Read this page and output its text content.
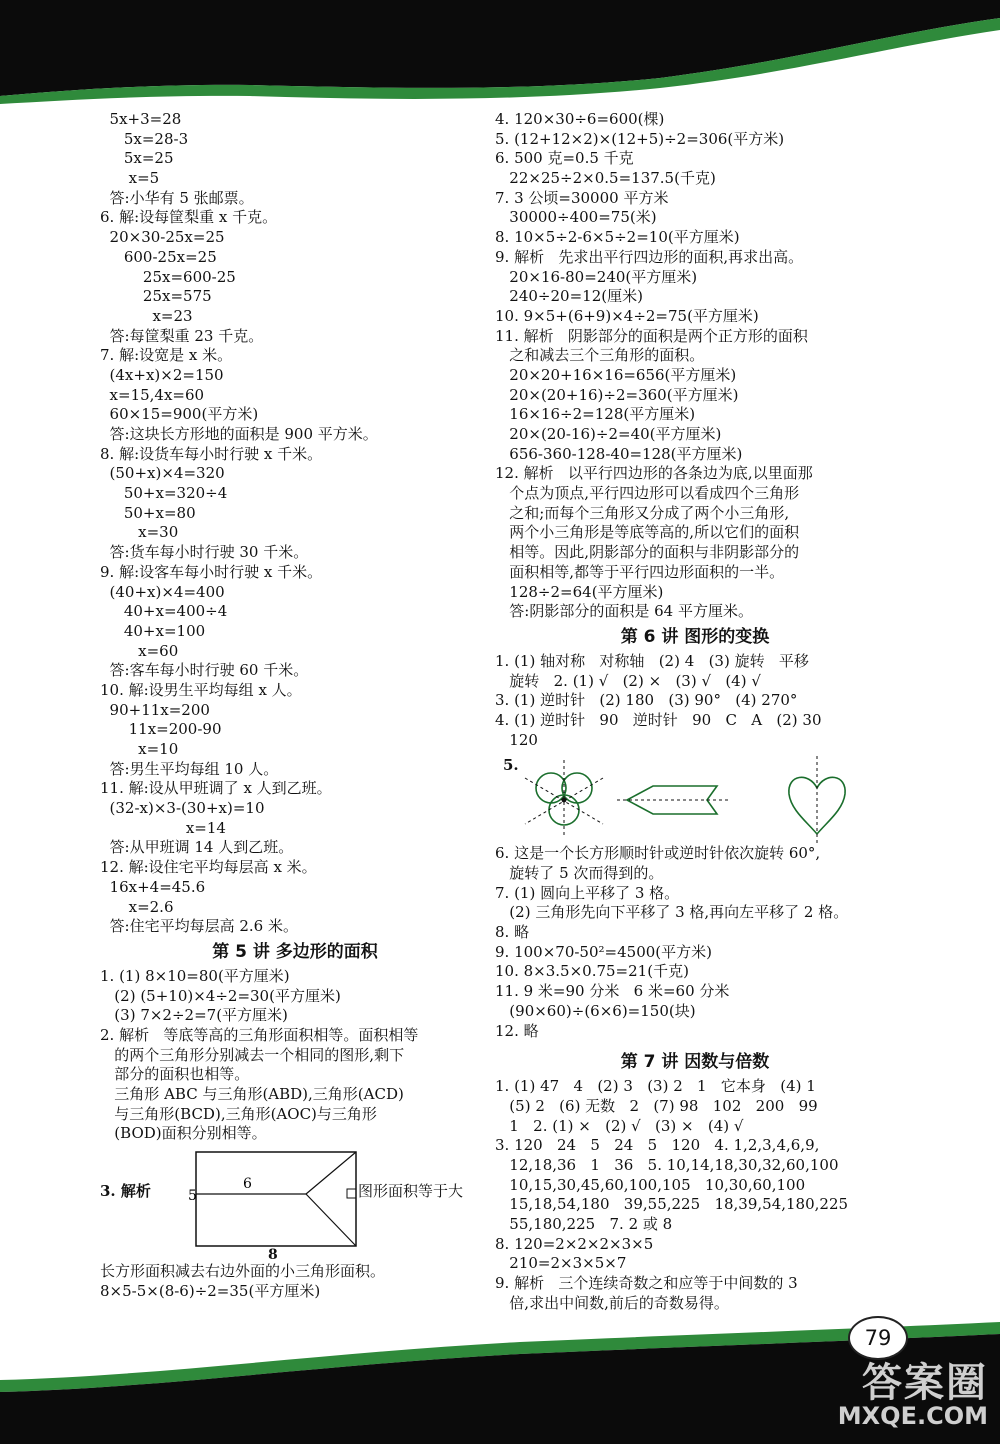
5x+3=28
5x=28-3
5x=25
x=5
答:小华有 5 张邮票。
6. 解:设每筐梨重 x 千克。
20×30-25x=25
600-25x=25
25x=600-25
25x=575
x=23
答:每筐梨重 23 千克。
7. 解:设宽是 x 米。
(4x+x)×2=150
x=15,4x=60
60×15=900(平方米)
答:这块长方形地的面积是 900 平方米。
8. 解:设货车每小时行驶 x 千米。
(50+x)×4=320
50+x=320÷4
50+x=80
x=30
答:货车每小时行驶 30 千米。
9. 解:设客车每小时行驶 x 千米。
(40+x)×4=400
40+x=400÷4
40+x=100
x=60
答:客车每小时行驶 60 千米。
10. 解:设男生平均每组 x 人。
90+11x=200
11x=200-90
x=10
答:男生平均每组 10 人。
11. 解:设从甲班调了 x 人到乙班。
(32-x)×3-(30+x)=10
x=14
答:从甲班调 14 人到乙班。
12. 解:设住宅平均每层高 x 米。
16x+4=45.6
x=2.6
答:住宅平均每层高 2.6 米。
第 5 讲 多边形的面积
1. (1) 8×10=80(平方厘米)
(2) (5+10)×4÷2=30(平方厘米)
(3) 7×2÷2=7(平方厘米)
2. 解析   等底等高的三角形面积相等。面积相等
的两个三角形分别减去一个相同的图形,剩下
部分的面积也相等。
三角形 ABC 与三角形(ABD),三角形(ACD)
与三角形(BCD),三角形(AOC)与三角形
(BOD)面积分别相等。
3. 解析	6
5
8
图形面积等于大
长方形面积减去右边外面的小三角形面积。
8×5-5×(8-6)÷2=35(平方厘米)
4. 120×30÷6=600(棵)
5. (12+12×2)×(12+5)÷2=306(平方米)
6. 500 克=0.5 千克
22×25÷2×0.5=137.5(千克)
7. 3 公顷=30000 平方米
30000÷400=75(米)
8. 10×5÷2-6×5÷2=10(平方厘米)
9. 解析   先求出平行四边形的面积,再求出高。
20×16-80=240(平方厘米)
240÷20=12(厘米)
10. 9×5+(6+9)×4÷2=75(平方厘米)
11. 解析   阴影部分的面积是两个正方形的面积
之和减去三个三角形的面积。
20×20+16×16=656(平方厘米)
20×(20+16)÷2=360(平方厘米)
16×16÷2=128(平方厘米)
20×(20-16)÷2=40(平方厘米)
656-360-128-40=128(平方厘米)
12. 解析   以平行四边形的各条边为底,以里面那
个点为顶点,平行四边形可以看成四个三角形
之和;而每个三角形又分成了两个小三角形,
两个小三角形是等底等高的,所以它们的面积
相等。因此,阴影部分的面积与非阴影部分的
面积相等,都等于平行四边形面积的一半。
128÷2=64(平方厘米)
答:阴影部分的面积是 64 平方厘米。
第 6 讲 图形的变换
1. (1) 轴对称   对称轴   (2) 4   (3) 旋转   平移
旋转   2. (1) √   (2) ×   (3) √   (4) √
3. (1) 逆时针   (2) 180   (3) 90°   (4) 270°
4. (1) 逆时针   90   逆时针   90   C   A   (2) 30
120
5.
6. 这是一个长方形顺时针或逆时针依次旋转 60°,
旋转了 5 次而得到的。
7. (1) 圆向上平移了 3 格。
(2) 三角形先向下平移了 3 格,再向左平移了 2 格。
8. 略
9. 100×70-50²=4500(平方米)
10. 8×3.5×0.75=21(千克)
11. 9 米=90 分米   6 米=60 分米
(90×60)÷(6×6)=150(块)
12. 略
第 7 讲 因数与倍数
1. (1) 47   4   (2) 3   (3) 2   1   它本身   (4) 1
(5) 2   (6) 无数   2   (7) 98   102   200   99
1   2. (1) ×   (2) √   (3) ×   (4) √
3. 120   24   5   24   5   120   4. 1,2,3,4,6,9,
12,18,36   1   36   5. 10,14,18,30,32,60,100
10,15,30,45,60,100,105   10,30,60,100
15,18,54,180   39,55,225   18,39,54,180,225
55,180,225   7. 2 或 8
8. 120=2×2×2×3×5
210=2×3×5×7
9. 解析   三个连续奇数之和应等于中间数的 3
倍,求出中间数,前后的奇数易得。
79
答案圈
MXQE.COM
